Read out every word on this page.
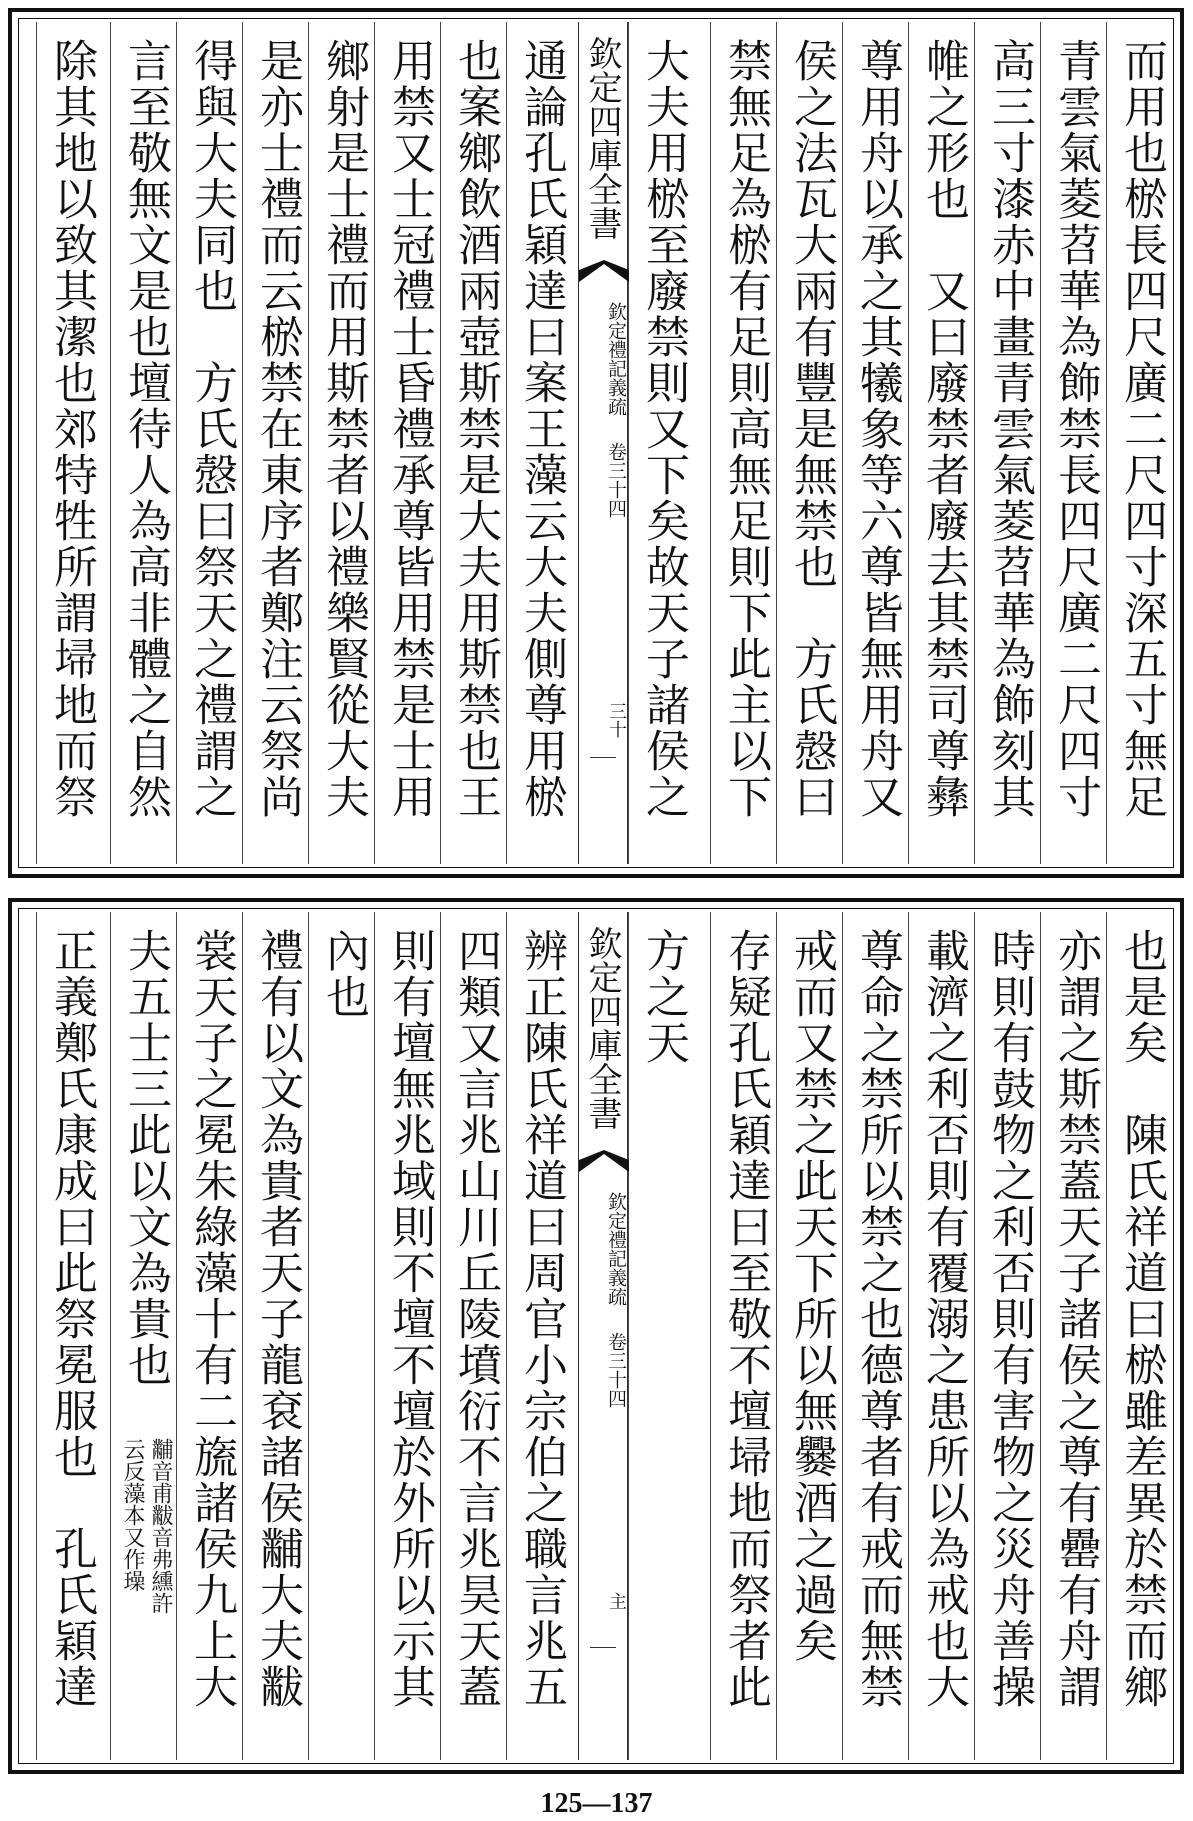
而用也棜長四尺廣二尺四寸深五寸無足
青雲氣菱苕華為飾禁長四尺廣二尺四寸
高三寸漆赤中畫青雲氣菱苕華為飾刻其
帷之形也　又曰廢禁者廢去其禁司尊彝
尊用舟以承之其犧象等六尊皆無用舟又
侯之法瓦大兩有豐是無禁也　方氏慤曰
禁無足為棜有足則高無足則下此主以下
大夫用棜至廢禁則又下矣故天子諸侯之
欽定四庫全書
欽定禮記義疏
卷三十四
三十
通論孔氏穎達曰案王藻云大夫側尊用棜
也案鄉飲酒兩壺斯禁是大夫用斯禁也王
用禁又士冠禮士昏禮承尊皆用禁是士用
鄉射是士禮而用斯禁者以禮樂賢從大夫
是亦士禮而云棜禁在東序者鄭注云祭尚
得與大夫同也　方氏慤曰祭天之禮謂之
言至敬無文是也壇待人為高非體之自然
除其地以致其潔也郊特牲所謂埽地而祭
也是矣　陳氏祥道曰棜雖差異於禁而鄉
亦謂之斯禁蓋天子諸侯之尊有罍有舟謂
時則有鼓物之利否則有害物之災舟善操
載濟之利否則有覆溺之患所以為戒也大
尊命之禁所以禁之也德尊者有戒而無禁
戒而又禁之此天下所以無爨酒之過矣
存疑孔氏穎達曰至敬不壇埽地而祭者此
方之天
欽定四庫全書
欽定禮記義疏
卷三十四
主
辨正陳氏祥道曰周官小宗伯之職言兆五
四類又言兆山川丘陵墳衍不言兆昊天蓋
則有壇無兆域則不壇不壇於外所以示其
內也
禮有以文為貴者天子龍袞諸侯黼大夫黻
裳天子之冕朱綠藻十有二旒諸侯九上大
夫五士三此以文為貴也
黼音甫黻音弗纁許
云反藻本又作璪
正義鄭氏康成曰此祭冕服也　孔氏穎達
125—137
